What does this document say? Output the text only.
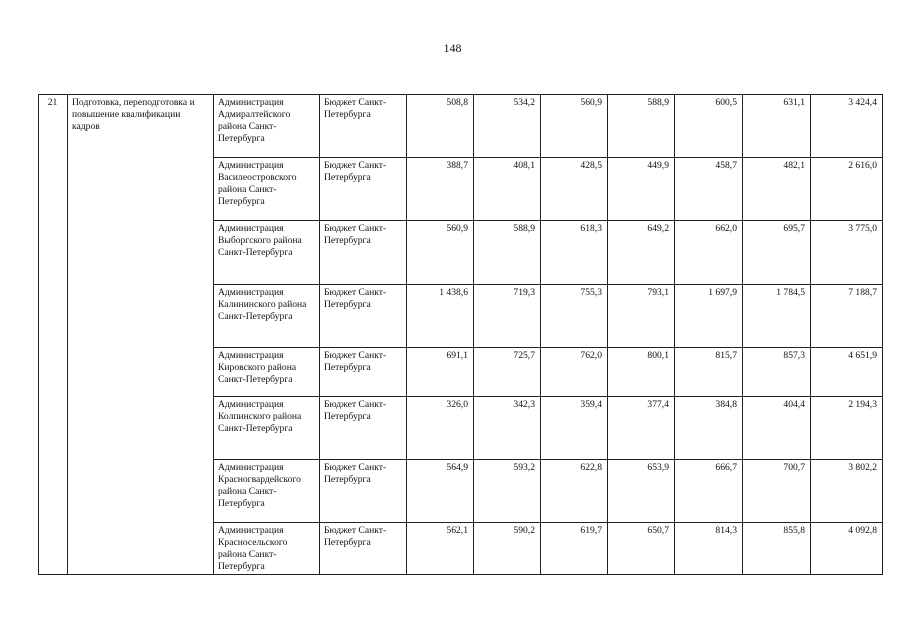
148
21	Подготовка, переподготовка и повышение квалификации кадров	Администрация Адмиралтейского района Санкт-Петербурга	Бюджет Санкт-Петербурга	508,8	534,2	560,9	588,9	600,5	631,1	3 424,4
		Администрация Василеостровского района Санкт-Петербурга	Бюджет Санкт-Петербурга	388,7	408,1	428,5	449,9	458,7	482,1	2 616,0
		Администрация Выборгского района Санкт-Петербурга	Бюджет Санкт-Петербурга	560,9	588,9	618,3	649,2	662,0	695,7	3 775,0
		Администрация Калининского района Санкт-Петербурга	Бюджет Санкт-Петербурга	1 438,6	719,3	755,3	793,1	1 697,9	1 784,5	7 188,7
		Администрация Кировского района Санкт-Петербурга	Бюджет Санкт-Петербурга	691,1	725,7	762,0	800,1	815,7	857,3	4 651,9
		Администрация Колпинского района Санкт-Петербурга	Бюджет Санкт-Петербурга	326,0	342,3	359,4	377,4	384,8	404,4	2 194,3
		Администрация Красногвардейского района Санкт-Петербурга	Бюджет Санкт-Петербурга	564,9	593,2	622,8	653,9	666,7	700,7	3 802,2
		Администрация Красносельского района Санкт-Петербурга	Бюджет Санкт-Петербурга	562,1	590,2	619,7	650,7	814,3	855,8	4 092,8
